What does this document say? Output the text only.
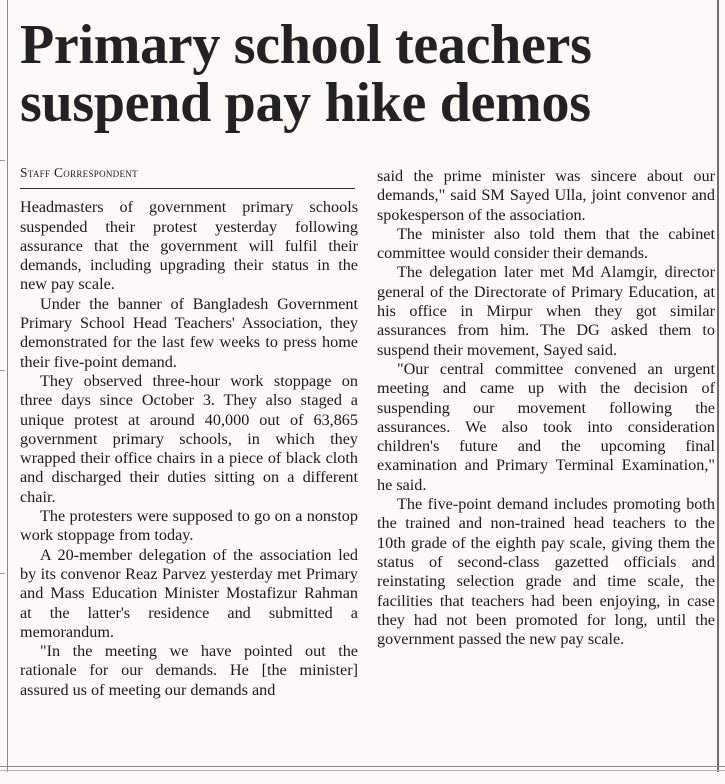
Primary school teachers suspend pay hike demos
Staff Correspondent

Headmasters of government primary schools suspended their protest yesterday following assurance that the government will fulfil their demands, including upgrading their status in the new pay scale.

Under the banner of Bangladesh Government Primary School Head Teachers' Association, they demonstrated for the last few weeks to press home their five-point demand.

They observed three-hour work stoppage on three days since October 3. They also staged a unique protest at around 40,000 out of 63,865 government primary schools, in which they wrapped their office chairs in a piece of black cloth and discharged their duties sitting on a different chair.

The protesters were supposed to go on a nonstop work stoppage from today.

A 20-member delegation of the association led by its convenor Reaz Parvez yesterday met Primary and Mass Education Minister Mostafizur Rahman at the latter's residence and submitted a memorandum.

"In the meeting we have pointed out the rationale for our demands. He [the minister] assured us of meeting our demands and

said the prime minister was sincere about our demands," said SM Sayed Ulla, joint convenor and spokesperson of the association.

The minister also told them that the cabinet committee would consider their demands.

The delegation later met Md Alamgir, director general of the Directorate of Primary Education, at his office in Mirpur when they got similar assurances from him. The DG asked them to suspend their movement, Sayed said.

"Our central committee convened an urgent meeting and came up with the decision of suspending our movement following the assurances. We also took into consideration children's future and the upcoming final examination and Primary Terminal Examination," he said.

The five-point demand includes promoting both the trained and non-trained head teachers to the 10th grade of the eighth pay scale, giving them the status of second-class gazetted officials and reinstating selection grade and time scale, the facilities that teachers had been enjoying, in case they had not been promoted for long, until the government passed the new pay scale.
